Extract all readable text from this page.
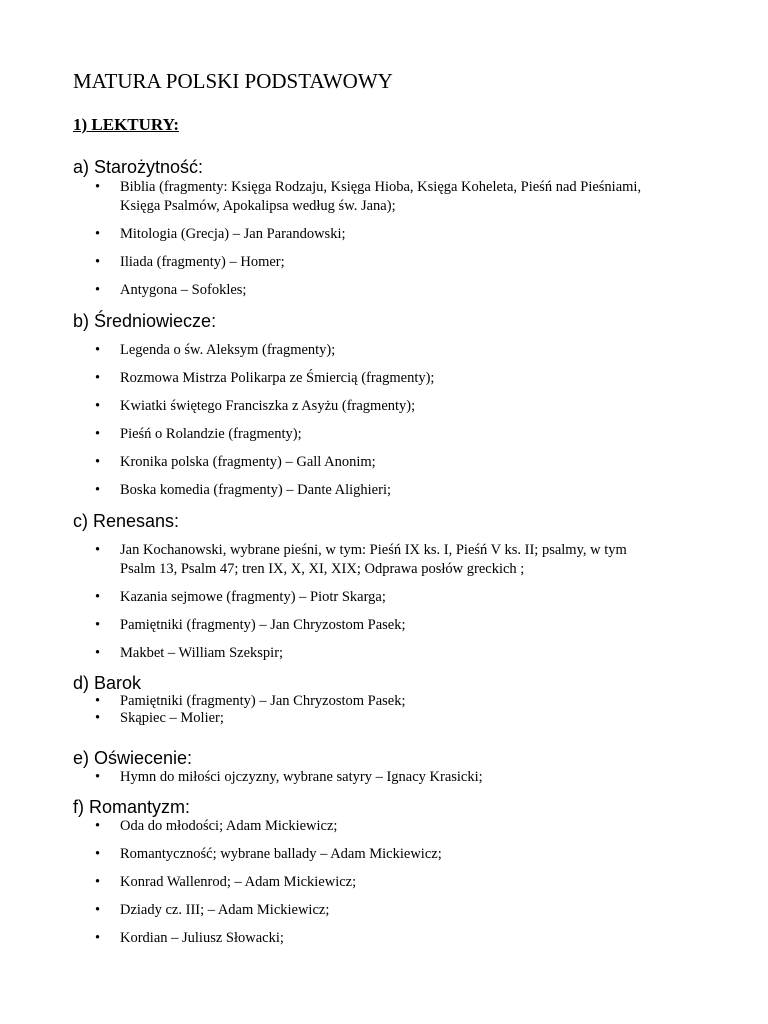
MATURA POLSKI PODSTAWOWY
1) LEKTURY:
a) Starożytność:
• Biblia (fragmenty: Księga Rodzaju, Księga Hioba, Księga Koheleta, Pieśń nad Pieśniami,
Księga Psalmów, Apokalipsa według św. Jana);
• Mitologia (Grecja) – Jan Parandowski;
• Iliada (fragmenty) – Homer;
• Antygona – Sofokles;
b) Średniowiecze:
• Legenda o św. Aleksym (fragmenty);
• Rozmowa Mistrza Polikarpa ze Śmiercią (fragmenty);
• Kwiatki świętego Franciszka z Asyżu (fragmenty);
• Pieśń o Rolandzie (fragmenty);
• Kronika polska (fragmenty) – Gall Anonim;
• Boska komedia (fragmenty) – Dante Alighieri;
c) Renesans:
• Jan Kochanowski, wybrane pieśni, w tym: Pieśń IX ks. I, Pieśń V ks. II; psalmy, w tym
Psalm 13, Psalm 47; tren IX, X, XI, XIX; Odprawa posłów greckich ;
• Kazania sejmowe (fragmenty) – Piotr Skarga;
• Pamiętniki (fragmenty) – Jan Chryzostom Pasek;
• Makbet – William Szekspir;
d) Barok
• Pamiętniki (fragmenty) – Jan Chryzostom Pasek;
• Skąpiec – Molier;
e) Oświecenie:
• Hymn do miłości ojczyzny, wybrane satyry – Ignacy Krasicki;
f) Romantyzm:
• Oda do młodości; Adam Mickiewicz;
• Romantyczność; wybrane ballady – Adam Mickiewicz;
• Konrad Wallenrod; – Adam Mickiewicz;
• Dziady cz. III; – Adam Mickiewicz;
• Kordian – Juliusz Słowacki;
